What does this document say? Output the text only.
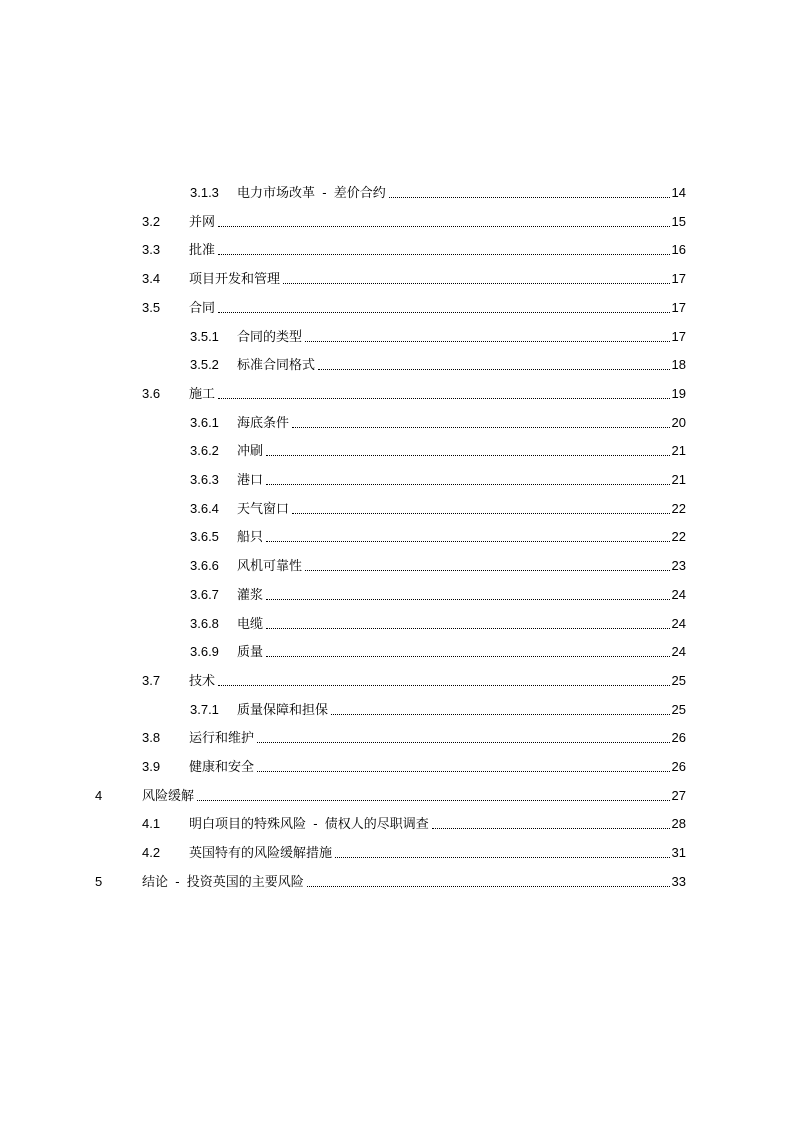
3.1.3	电力市场改革  -  差价合约	14
3.2	并网	15
3.3	批准	16
3.4	项目开发和管理	17
3.5	合同	17
3.5.1	合同的类型	17
3.5.2	标准合同格式	18
3.6	施工	19
3.6.1	海底条件	20
3.6.2	冲刷	21
3.6.3	港口	21
3.6.4	天气窗口	22
3.6.5	船只	22
3.6.6	风机可靠性	23
3.6.7	灌浆	24
3.6.8	电缆	24
3.6.9	质量	24
3.7	技术	25
3.7.1	质量保障和担保	25
3.8	运行和维护	26
3.9	健康和安全	26
4	风险缓解	27
4.1	明白项目的特殊风险  -  债权人的尽职调查	28
4.2	英国特有的风险缓解措施	31
5	结论  -  投资英国的主要风险	33
